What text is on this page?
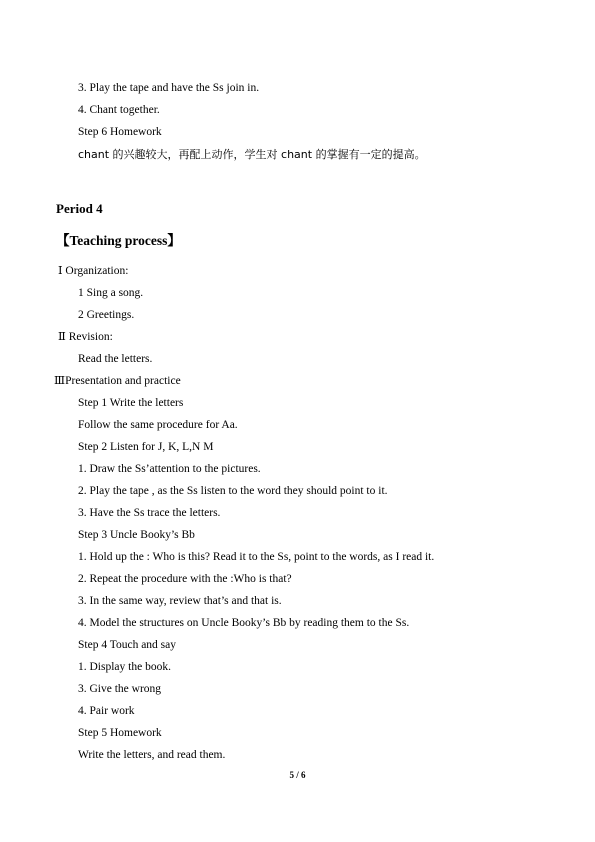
3. Play the tape and have the Ss join in.
4. Chant together.
Step 6 Homework
chant 的兴趣较大，再配上动作，学生对 chant 的掌握有一定的提高。
Period 4
【Teaching process】
Ⅰ Organization:
1 Sing a song.
2 Greetings.
Ⅱ Revision:
Read the letters.
ⅢPresentation and practice
Step 1 Write the letters
Follow the same procedure for Aa.
Step 2 Listen for J, K, L,N M
1. Draw the Ss’attention to the pictures.
2. Play the tape , as the Ss listen to the word they should point to it.
3. Have the Ss trace the letters.
Step 3 Uncle Booky’s Bb
1. Hold up the : Who is this? Read it to the Ss, point to the words, as I read it.
2. Repeat the procedure with the :Who is that?
3. In the same way, review that’s and that is.
4. Model the structures on Uncle Booky’s Bb by reading them to the Ss.
Step 4 Touch and say
1. Display the book.
3. Give the wrong
4. Pair work
Step 5 Homework
Write the letters, and read them.
5 / 6
